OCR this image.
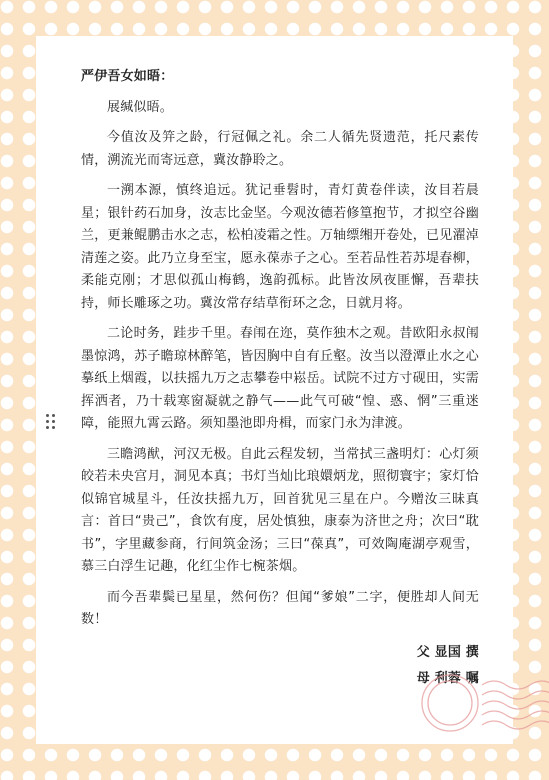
严伊吾女如晤：

展缄似晤。

今值汝及笄之龄，行冠佩之礼。余二人循先贤遗范，托尺素传情，溯流光而寄远意，冀汝静聆之。

一溯本源，慎终追远。犹记垂髫时，青灯黄卷伴读，汝目若晨星；银针药石加身，汝志比金坚。今观汝德若修篁抱节，才拟空谷幽兰，更兼鲲鹏击水之志，松柏凌霜之性。万轴缥缃开卷处，已见濯淖清莲之姿。此乃立身至宝，愿永葆赤子之心。至若品性若苏堤春柳，柔能克刚；才思似孤山梅鹤，逸韵孤标。此皆汝夙夜匪懈，吾辈扶持，师长雕琢之功。冀汝常存结草衔环之念，日就月将。

二论时务，跬步千里。春闱在迩，莫作独木之观。昔欧阳永叔闱墨惊鸿，苏子瞻琼林醉笔，皆因胸中自有丘壑。汝当以澄潭止水之心摹纸上烟霞，以扶摇九万之志攀卷中崧岳。试院不过方寸砚田，实需挥洒者，乃十载寒窗凝就之静气——此气可破“惶、惑、惘”三重迷障，能照九霄云路。须知墨池即舟楫，而家门永为津渡。

三瞻鸿猷，河汉无极。自此云程发轫，当常拭三盏明灯：心灯须皎若未央宫月，洞见本真；书灯当灿比琅嬛炳龙，照彻寰宇；家灯恰似锦官城星斗，任汝扶摇九万，回首犹见三星在户。今赠汝三昧真言：首曰“贵己”，食饮有度，居处慎独，康泰为济世之舟；次曰“耽书”，字里藏参商，行间筑金汤；三曰“葆真”，可效陶庵湖亭观雪，慕三白浮生记趣，化红尘作七椀茶烟。

而今吾辈鬓已星星，然何伤？但闻“爹娘”二字，便胜却人间无数！

父 显国 撰

母 利蓉 嘱
